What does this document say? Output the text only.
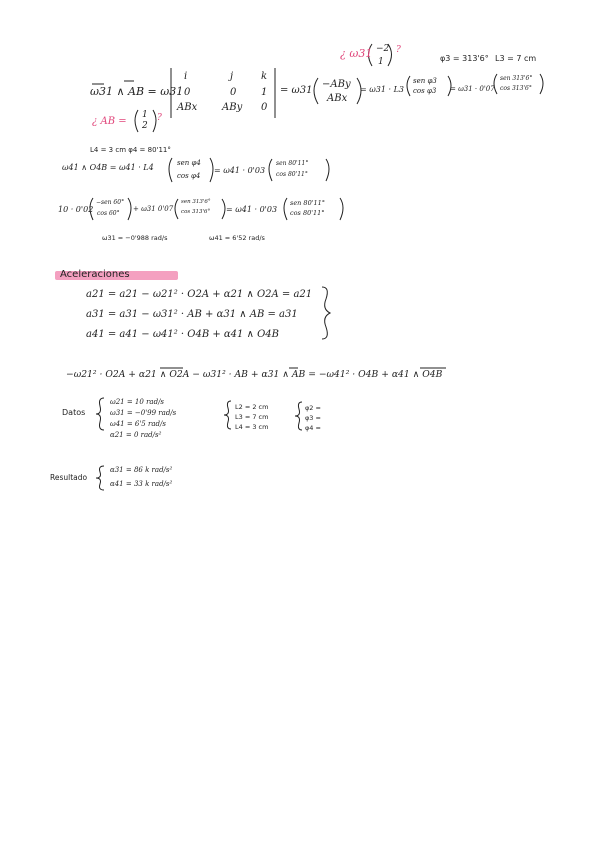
¿ ω31 −2
1
?
φ3 = 313'6° L3 = 7 cm
ω31 ∧ AB = ω31
i	j	k
0	0 1
ABx ABy 0
= ω31
−ABy
ABx
= ω31 · L3
sen φ3
cos φ3 = ω31 · 0'07
sen 313'6°
cos 313'6°
¿ AB =
1
2
?
L4 = 3 cm φ4 = 80'11°
ω41 ∧ O4B = ω41 · L4	sen φ4
cos φ4
= ω41 · 0'03
sen 80'11°
cos 80'11°
10 · 0'02
−sen 60°
cos 60°
+ ω31 0'07
sen 313'6°
cos 313'6° = ω41 · 0'03
sen 80'11°
cos 80'11°
ω31 = −0'988 rad/s	ω41 = 6'52 rad/s
Aceleraciones
a21 = a21 − ω21² · O2A + α21 ∧ O2A = a21
a31 = a31 − ω31² · AB + α31 ∧ AB = a31
a41 = a41 − ω41² · O4B + α41 ∧ O4B
−ω21² · O2A + α21 ∧ O2A − ω31² · AB + α31 ∧ AB = −ω41² · O4B + α41 ∧ O4B
Datos
ω21 = 10 rad/s
ω31 = −0'99 rad/s
ω41 = 6'5 rad/s
α21 = 0 rad/s²
L2 = 2 cm
L3 = 7 cm
L4 = 3 cm
φ2 =
φ3 =
φ4 =
Resultado
α31 = 86 k rad/s²
α41 = 33 k rad/s²
